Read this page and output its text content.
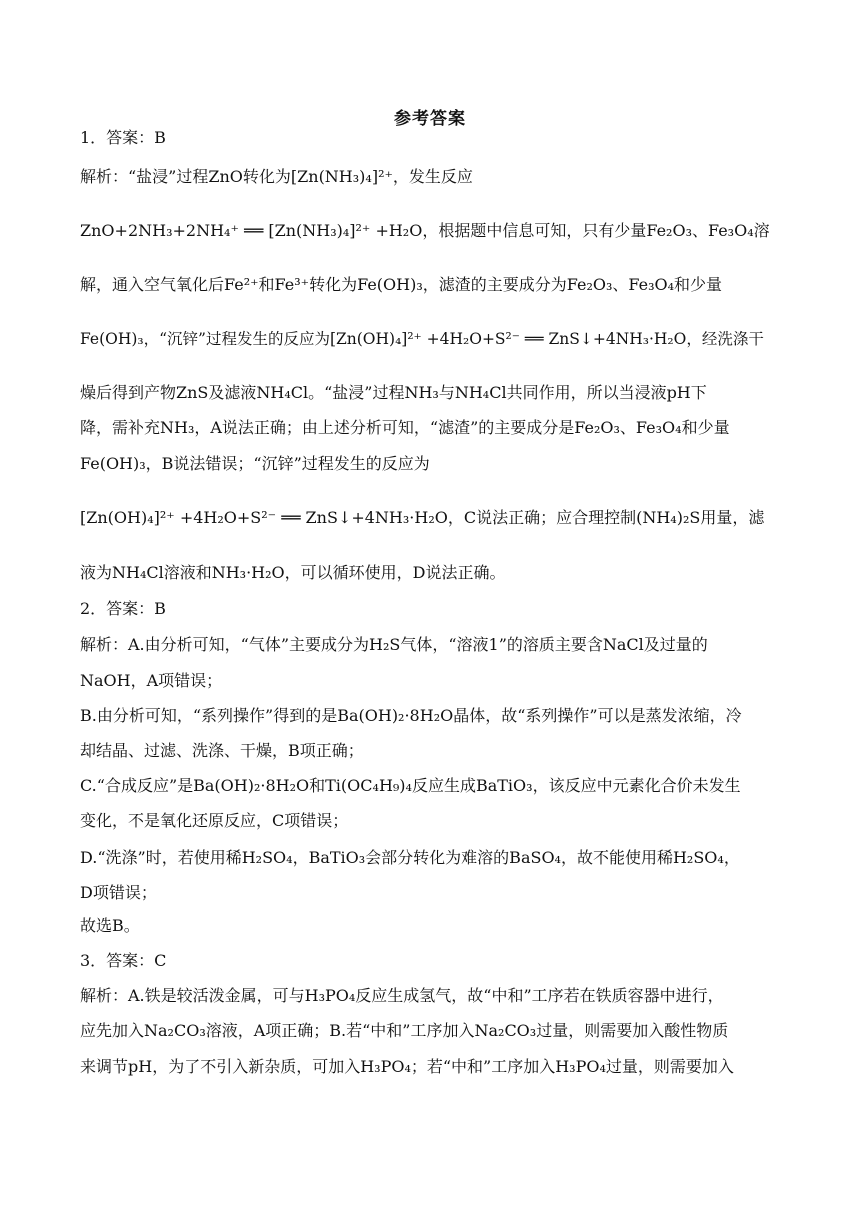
参考答案
1．答案：B
解析：“盐浸”过程ZnO转化为[Zn(NH₃)₄]²⁺，发生反应
ZnO+2NH₃+2NH₄⁺ ══ [Zn(NH₃)₄]²⁺ +H₂O，根据题中信息可知，只有少量Fe₂O₃、Fe₃O₄溶
解，通入空气氧化后Fe²⁺和Fe³⁺转化为Fe(OH)₃，滤渣的主要成分为Fe₂O₃、Fe₃O₄和少量
Fe(OH)₃，“沉锌”过程发生的反应为[Zn(OH)₄]²⁺ +4H₂O+S²⁻ ══ ZnS↓+4NH₃·H₂O，经洗涤干
燥后得到产物ZnS及滤液NH₄Cl。“盐浸”过程NH₃与NH₄Cl共同作用，所以当浸液pH下
降，需补充NH₃，A说法正确；由上述分析可知，“滤渣”的主要成分是Fe₂O₃、Fe₃O₄和少量
Fe(OH)₃，B说法错误；“沉锌”过程发生的反应为
[Zn(OH)₄]²⁺ +4H₂O+S²⁻ ══ ZnS↓+4NH₃·H₂O，C说法正确；应合理控制(NH₄)₂S用量，滤
液为NH₄Cl溶液和NH₃·H₂O，可以循环使用，D说法正确。
2．答案：B
解析：A.由分析可知，“气体”主要成分为H₂S气体，“溶液1”的溶质主要含NaCl及过量的
NaOH，A项错误；
B.由分析可知，“系列操作”得到的是Ba(OH)₂·8H₂O晶体，故“系列操作”可以是蒸发浓缩，冷
却结晶、过滤、洗涤、干燥，B项正确；
C.“合成反应”是Ba(OH)₂·8H₂O和Ti(OC₄H₉)₄反应生成BaTiO₃，该反应中元素化合价未发生
变化，不是氧化还原反应，C项错误；
D.“洗涤”时，若使用稀H₂SO₄，BaTiO₃会部分转化为难溶的BaSO₄，故不能使用稀H₂SO₄，
D项错误；
故选B。
3．答案：C
解析：A.铁是较活泼金属，可与H₃PO₄反应生成氢气，故“中和”工序若在铁质容器中进行，
应先加入Na₂CO₃溶液，A项正确；B.若“中和”工序加入Na₂CO₃过量，则需要加入酸性物质
来调节pH，为了不引入新杂质，可加入H₃PO₄；若“中和”工序加入H₃PO₄过量，则需要加入
